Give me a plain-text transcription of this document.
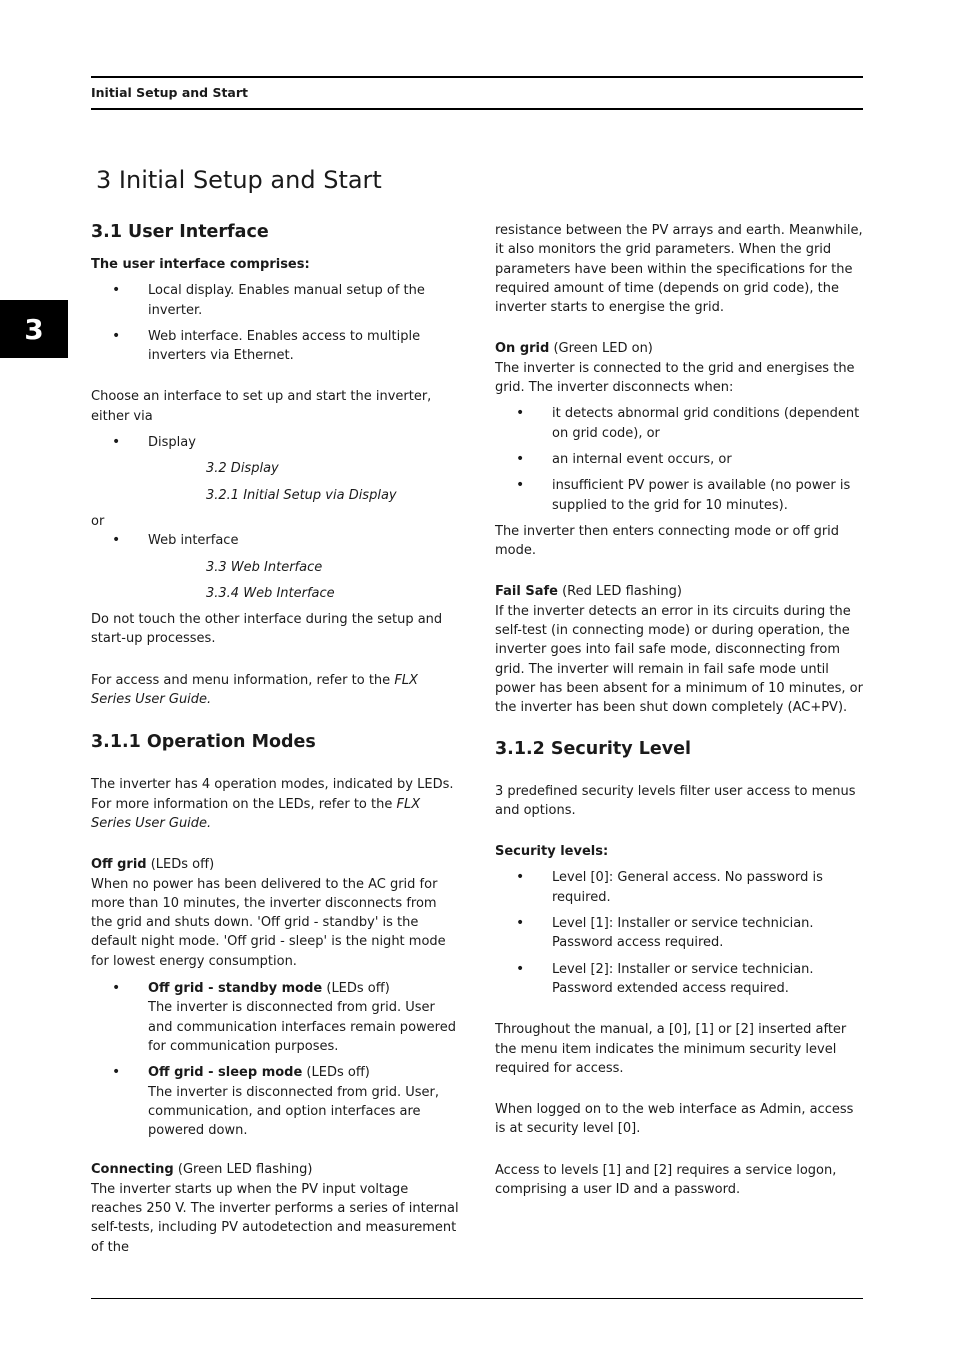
Initial Setup and Start
3
3 Initial Setup and Start
3.1 User Interface

The user interface comprises:

• Local display. Enables manual setup of the inverter.
• Web interface. Enables access to multiple inverters via Ethernet.

Choose an interface to set up and start the inverter, either via

• Display

3.2 Display

3.2.1 Initial Setup via Display

or

• Web interface

3.3 Web Interface

3.3.4 Web Interface

Do not touch the other interface during the setup and start-up processes.

For access and menu information, refer to the FLX Series User Guide.

3.1.1 Operation Modes

The inverter has 4 operation modes, indicated by LEDs. For more information on the LEDs, refer to the FLX Series User Guide.

Off grid (LEDs off)

When no power has been delivered to the AC grid for more than 10 minutes, the inverter disconnects from the grid and shuts down. 'Off grid - standby' is the default night mode. 'Off grid - sleep' is the night mode for lowest energy consumption.

• Off grid - standby mode (LEDs off)
The inverter is disconnected from grid. User and communication interfaces remain powered for communication purposes.
• Off grid - sleep mode (LEDs off)
The inverter is disconnected from grid. User, communication, and option interfaces are powered down.

Connecting (Green LED flashing)

The inverter starts up when the PV input voltage reaches 250 V. The inverter performs a series of internal self-tests, including PV autodetection and measurement of the

resistance between the PV arrays and earth. Meanwhile, it also monitors the grid parameters. When the grid parameters have been within the specifications for the required amount of time (depends on grid code), the inverter starts to energise the grid.

On grid (Green LED on)

The inverter is connected to the grid and energises the grid. The inverter disconnects when:

• it detects abnormal grid conditions (dependent on grid code), or
• an internal event occurs, or
• insufficient PV power is available (no power is supplied to the grid for 10 minutes).

The inverter then enters connecting mode or off grid mode.

Fail Safe (Red LED flashing)

If the inverter detects an error in its circuits during the self-test (in connecting mode) or during operation, the inverter goes into fail safe mode, disconnecting from grid. The inverter will remain in fail safe mode until power has been absent for a minimum of 10 minutes, or the inverter has been shut down completely (AC+PV).

3.1.2 Security Level

3 predefined security levels filter user access to menus and options.

Security levels:

• Level [0]: General access. No password is required.
• Level [1]: Installer or service technician. Password access required.
• Level [2]: Installer or service technician. Password extended access required.

Throughout the manual, a [0], [1] or [2] inserted after the menu item indicates the minimum security level required for access.

When logged on to the web interface as Admin, access is at security level [0].

Access to levels [1] and [2] requires a service logon, comprising a user ID and a password.
